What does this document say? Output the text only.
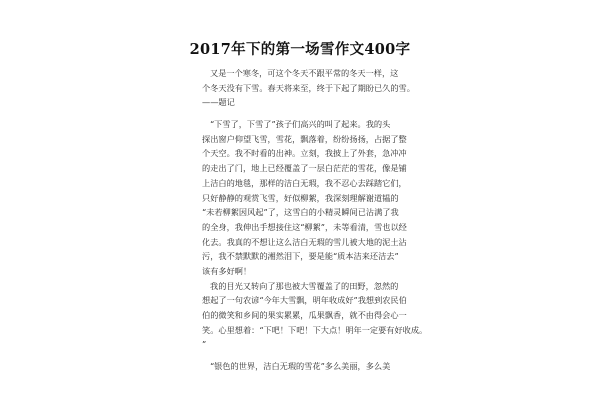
2017年下的第一场雪作文400字
又是一个寒冬，可这个冬天不跟平常的冬天一样，这
个冬天没有下雪。春天将来至，终于下起了期盼已久的雪。
——题记
“下雪了，下雪了”孩子们高兴的叫了起来。我的头
探出窗户仰望飞雪，雪花，飘落着，纷纷扬扬，占据了整
个天空。我不时看的出神。立刻，我披上了外套，急冲冲
的走出了门，地上已经覆盖了一层白茫茫的雪花，像是铺
上洁白的地毯，那样的洁白无瑕，我不忍心去踩踏它们，
只好静静的观赏飞雪，好似柳絮，我深刻理解谢道韫的
“未若柳絮因风起”了，这雪白的小精灵瞬间已沾满了我
的全身，我伸出手想接住这“柳絮”，未等看清，雪也以经
化去。我真的不想让这么洁白无瑕的雪儿被大地的泥土沾
污，我不禁默默的湘然泪下，要是能“质本洁来还洁去”
该有多好啊！
我的目光又转向了那也被大雪覆盖了的田野，忽然的
想起了一句农谚“今年大雪飘，明年收成好”我想到农民伯
伯的微笑和乡间的果实累累，瓜果飘香，就不由得会心一
笑。心里想着：“下吧！下吧！下大点！明年一定要有好收成。
”
“银色的世界，洁白无瑕的雪花”多么美丽，多么美
